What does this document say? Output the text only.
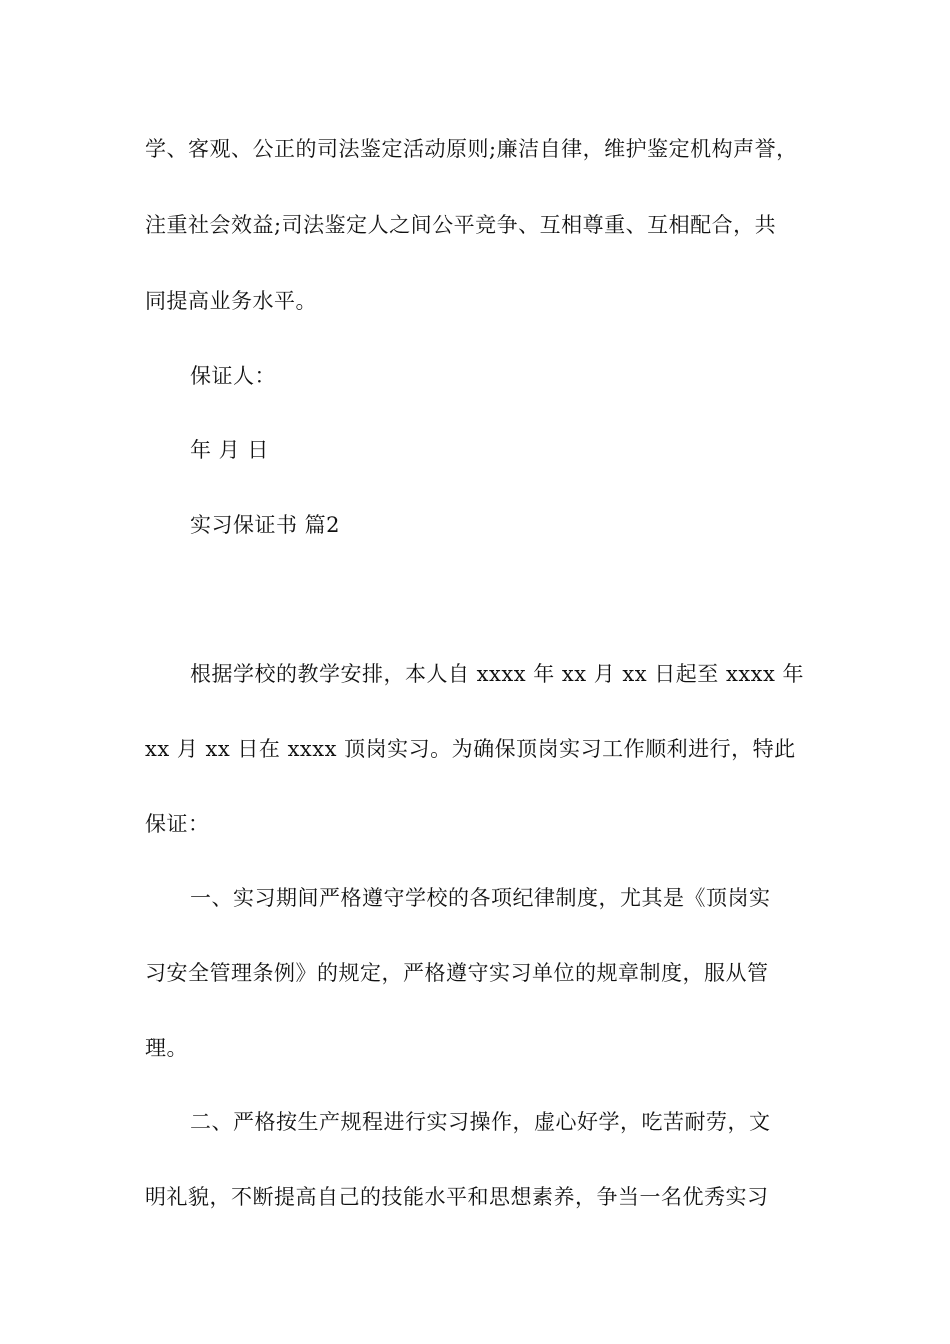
学、客观、公正的司法鉴定活动原则;廉洁自律，维护鉴定机构声誉，
注重社会效益;司法鉴定人之间公平竞争、互相尊重、互相配合，共
同提高业务水平。
保证人：
年 月 日
实习保证书 篇2
根据学校的教学安排，本人自 xxxx 年 xx 月 xx 日起至 xxxx 年
xx 月 xx 日在 xxxx 顶岗实习。为确保顶岗实习工作顺利进行，特此
保证：
一、实习期间严格遵守学校的各项纪律制度，尤其是《顶岗实
习安全管理条例》的规定，严格遵守实习单位的规章制度，服从管
理。
二、严格按生产规程进行实习操作，虚心好学，吃苦耐劳，文
明礼貌，不断提高自己的技能水平和思想素养，争当一名优秀实习
